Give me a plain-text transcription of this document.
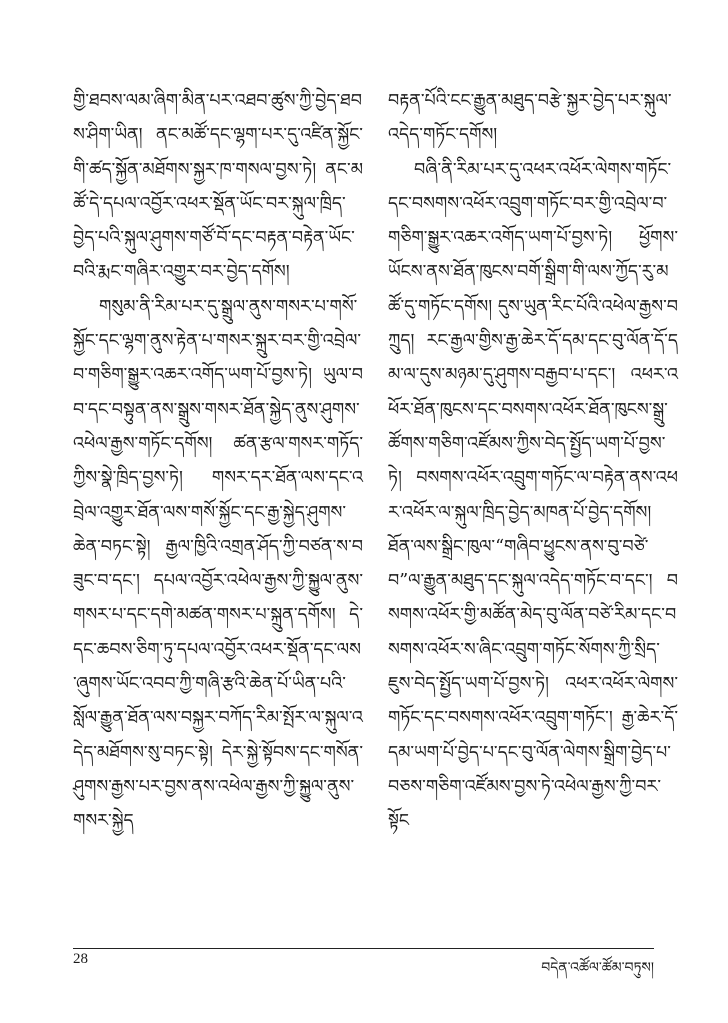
གྱི་ཐབས་ལམ་ཞིག་མིན་པར་འཐབ་ཚུས་ཀྱི་བྱེད་ཐབས་ཤིག་ཡིན། ནང་མཚོ་དང་ལྷག་པར་དུ་འཛིན་སྐྱོང་གི་ཚད་སྐྱོན་མཐོགས་སྐྱར་ཁ་གསལ་བྱས་ཏེ། ནང་མཚོ་དེ་དཔལ་འབྱོར་འཕར་སྡོན་ཡོང་བར་སྐུལ་ཁྲིད་བྱེད་པའི་སྐུལ་ཤུགས་གཙོ་བོ་དང་བརྟན་བརྟེན་ཡོང་བའི་རྨང་གཞིར་འགྱུར་བར་བྱེད་དགོས།

གསུམ་ནི་རིམ་པར་དུ་སྒྲུལ་ནུས་གསར་པ་གསོ་སྐྱོང་དང་ལྷག་ནུས་རྟེན་པ་གསར་སྐྲུར་བར་གྱི་འབྲེལ་བ་གཅིག་སྒྱུར་འཆར་འགོད་ཡག་པོ་བྱས་ཏེ། ཡུལ་བབ་དང་བསྟུན་ནས་སྒྲུས་གསར་ཐོན་སྐྱེད་ནུས་ཤུགས་འཕེལ་རྒྱས་གཏོང་དགོས། ཚན་རྩལ་གསར་གཏོད་ཀྱིས་སྣེ་ཁྲིད་བྱས་ཏེ། གསར་དར་ཐོན་ལས་དང་འབྲེལ་འགྱུར་ཐོན་ལས་གསོ་སྐྱོང་དང་རྒྱ་སྐྱེད་ཤུགས་ཆེན་བཏང་སྟེ། རྒྱལ་ཁྱིའི་འགྲན་ཤོད་ཀྱི་བཙན་ས་བཟུང་བ་དང་། དཔལ་འབྱོར་འཕེལ་རྒྱས་ཀྱི་སྐྱུལ་ནུས་གསར་པ་དང་དགེ་མཚན་གསར་པ་སྐྲུན་དགོས། དེ་དང་ཆབས་ཅིག་ཏུ་དཔལ་འབྱོར་འཕར་སྡོན་དང་ལས་ཞུགས་ཡོང་འབབ་ཀྱི་གཞི་རྩའི་ཆེན་པོ་ཡིན་པའི་སློལ་རྒྱུན་ཐོན་ལས་བསྐྱར་བཀོད་རིམ་སྤོར་ལ་སྐུལ་འདེད་མཐོགས་སུ་བཏང་སྟེ། དེར་སྐྱེ་སྟོབས་དང་གསོན་ཤུགས་རྒྱས་པར་བྱས་ནས་འཕེལ་རྒྱས་ཀྱི་སྐྱུལ་ནུས་གསར་སྐྱེད

བརྟན་པོའི་ངང་རྒྱུན་མཐུད་བརྩེ་སྐྱར་བྱེད་པར་སྐུལ་འདེད་གཏོང་དགོས།

བཞི་ནི་རིམ་པར་དུ་འཕར་འཕོར་ལེགས་གཏོང་དང་བསགས་འཕོར་འབྲུག་གཏོང་བར་གྱི་འབྲེལ་བ་གཅིག་སྒྱུར་འཆར་འགོད་ཡག་པོ་བྱས་ཏེ། ཕྱོགས་ཡོངས་ནས་ཐོན་ཁུངས་བགོ་སྒྲིག་གི་ལས་ཀྱོད་རུ་མཚོ་དུ་གཏོང་དགོས། དུས་ཡུན་རིང་པོའི་འཕེལ་རྒྱས་བཀྲུད། རང་རྒྱལ་གྱིས་རྒྱ་ཆེར་དོ་དམ་དང་བུ་ལོན་དོ་དམ་ལ་དུས་མཉམ་དུ་ཤུགས་བརྒྱབ་པ་དང་། འཕར་འཕོར་ཐོན་ཁུངས་དང་བསགས་འཕོར་ཐོན་ཁུངས་སྒྲུ་ཚོགས་གཅིག་འཛོམས་ཀྱིས་བེད་སྤྱོད་ཡག་པོ་བྱས་ཏེ། བསགས་འཕོར་འབྲུག་གཏོང་ལ་བརྟེན་ནས་འཕར་འཕོར་ལ་སྐུལ་ཁྲིད་བྱེད་མཁན་པོ་བྱེད་དགོས། ཐོན་ལས་སྒྲིང་ཁུལ་“གཞིབ་ཕྱུངས་ནས་བུ་བཙེ་བ”ལ་རྒྱུན་མཐུད་དང་སྐུལ་འདེད་གཏོང་བ་དང་། བསགས་འཕོར་གྱི་མཚོན་མེད་བུ་ལོན་བཙེ་རིམ་དང་བསགས་འཕོར་ས་ཞིང་འབྲུག་གཏོང་སོགས་ཀྱི་སྲིད་ཇུས་བེད་སྤྱོད་ཡག་པོ་བྱས་ཏེ། འཕར་འཕོར་ལེགས་གཏོང་དང་བསགས་འཕོར་འབྲུག་གཏོང་། རྒྱ་ཆེར་དོ་དམ་ཡག་པོ་བྱེད་པ་དང་བུ་ལོན་ལེགས་སྒྲིག་བྱེད་པ་བཅས་གཅིག་འཛོམས་བྱས་ཏེ་འཕེལ་རྒྱས་ཀྱི་བར་སྟོང

28
བདེན་འཚོལ་ཚོམ་བཏུས།
